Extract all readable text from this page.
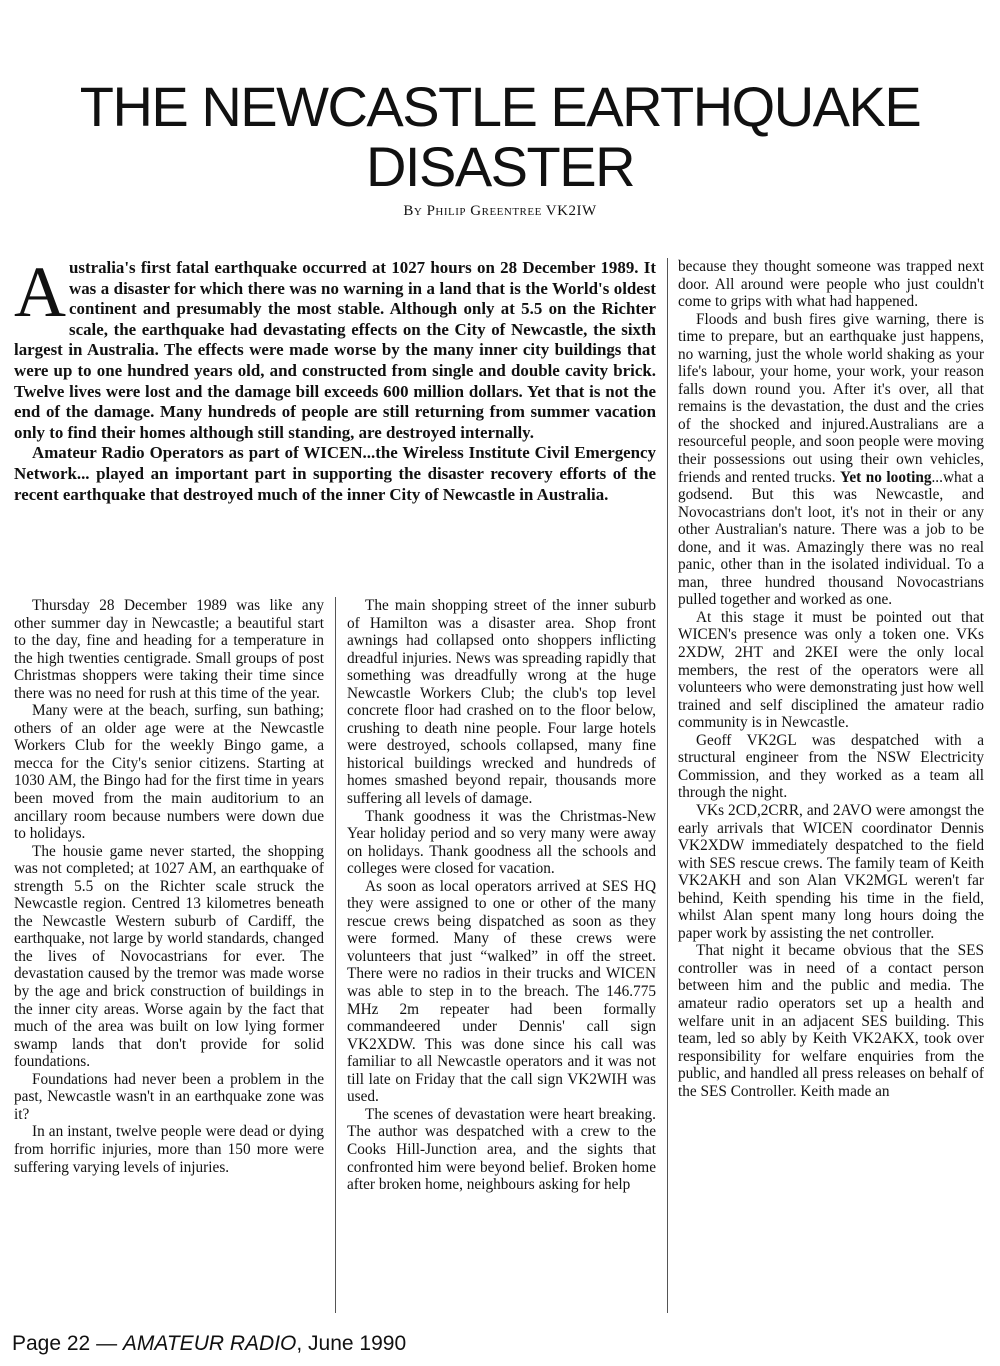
THE NEWCASTLE EARTHQUAKE
DISASTER
By Philip Greentree VK2IW

Australia's first fatal earthquake occurred at 1027 hours on 28 December 1989. It was a disaster for which there was no warning in a land that is the World's oldest continent and presumably the most stable. Although only at 5.5 on the Richter scale, the earthquake had devastating effects on the City of Newcastle, the sixth largest in Australia. The effects were made worse by the many inner city buildings that were up to one hundred years old, and constructed from single and double cavity brick. Twelve lives were lost and the damage bill exceeds 600 million dollars. Yet that is not the end of the damage. Many hundreds of people are still returning from summer vacation only to find their homes although still standing, are destroyed internally.

Amateur Radio Operators as part of WICEN...the Wireless Institute Civil Emergency Network... played an important part in supporting the disaster recovery efforts of the recent earthquake that destroyed much of the inner City of Newcastle in Australia.

Thursday 28 December 1989 was like any other summer day in Newcastle; a beautiful start to the day, fine and heading for a temperature in the high twenties centigrade. Small groups of post Christmas shoppers were taking their time since there was no need for rush at this time of the year.

Many were at the beach, surfing, sun bathing; others of an older age were at the Newcastle Workers Club for the weekly Bingo game, a mecca for the City's senior citizens. Starting at 1030 AM, the Bingo had for the first time in years been moved from the main auditorium to an ancillary room because numbers were down due to holidays.

The housie game never started, the shopping was not completed; at 1027 AM, an earthquake of strength 5.5 on the Richter scale struck the Newcastle region. Centred 13 kilometres beneath the Newcastle Western suburb of Cardiff, the earthquake, not large by world standards, changed the lives of Novocastrians for ever. The devastation caused by the tremor was made worse by the age and brick construction of buildings in the inner city areas. Worse again by the fact that much of the area was built on low lying former swamp lands that don't provide for solid foundations.

Foundations had never been a problem in the past, Newcastle wasn't in an earthquake zone was it?

In an instant, twelve people were dead or dying from horrific injuries, more than 150 more were suffering varying levels of injuries.

The main shopping street of the inner suburb of Hamilton was a disaster area. Shop front awnings had collapsed onto shoppers inflicting dreadful injuries. News was spreading rapidly that something was dreadfully wrong at the huge Newcastle Workers Club; the club's top level concrete floor had crashed on to the floor below, crushing to death nine people. Four large hotels were destroyed, schools collapsed, many fine historical buildings wrecked and hundreds of homes smashed beyond repair, thousands more suffering all levels of damage.

Thank goodness it was the Christmas-New Year holiday period and so very many were away on holidays. Thank goodness all the schools and colleges were closed for vacation.

As soon as local operators arrived at SES HQ they were assigned to one or other of the many rescue crews being dispatched as soon as they were formed. Many of these crews were volunteers that just “walked” in off the street. There were no radios in their trucks and WICEN was able to step in to the breach. The 146.775 MHz 2m repeater had been formally commandeered under Dennis' call sign VK2XDW. This was done since his call was familiar to all Newcastle operators and it was not till late on Friday that the call sign VK2WIH was used.

The scenes of devastation were heart breaking. The author was despatched with a crew to the Cooks Hill-Junction area, and the sights that confronted him were beyond belief. Broken home after broken home, neighbours asking for help

because they thought someone was trapped next door. All around were people who just couldn't come to grips with what had happened.

Floods and bush fires give warning, there is time to prepare, but an earthquake just happens, no warning, just the whole world shaking as your life's labour, your home, your work, your reason falls down round you. After it's over, all that remains is the devastation, the dust and the cries of the shocked and injured.Australians are a resourceful people, and soon people were moving their possessions out using their own vehicles, friends and rented trucks. Yet no looting...what a godsend. But this was Newcastle, and Novocastrians don't loot, it's not in their or any other Australian's nature. There was a job to be done, and it was. Amazingly there was no real panic, other than in the isolated individual. To a man, three hundred thousand Novocastrians pulled together and worked as one.

At this stage it must be pointed out that WICEN's presence was only a token one. VKs 2XDW, 2HT and 2KEI were the only local members, the rest of the operators were all volunteers who were demonstrating just how well trained and self disciplined the amateur radio community is in Newcastle.

Geoff VK2GL was despatched with a structural engineer from the NSW Electricity Commission, and they worked as a team all through the night.

VKs 2CD,2CRR, and 2AVO were amongst the early arrivals that WICEN coordinator Dennis VK2XDW immediately despatched to the field with SES rescue crews. The family team of Keith VK2AKH and son Alan VK2MGL weren't far behind, Keith spending his time in the field, whilst Alan spent many long hours doing the paper work by assisting the net controller.

That night it became obvious that the SES controller was in need of a contact person between him and the public and media. The amateur radio operators set up a health and welfare unit in an adjacent SES building. This team, led so ably by Keith VK2AKX, took over responsibility for welfare enquiries from the public, and handled all press releases on behalf of the SES Controller. Keith made an

Page 22 — AMATEUR RADIO, June 1990
